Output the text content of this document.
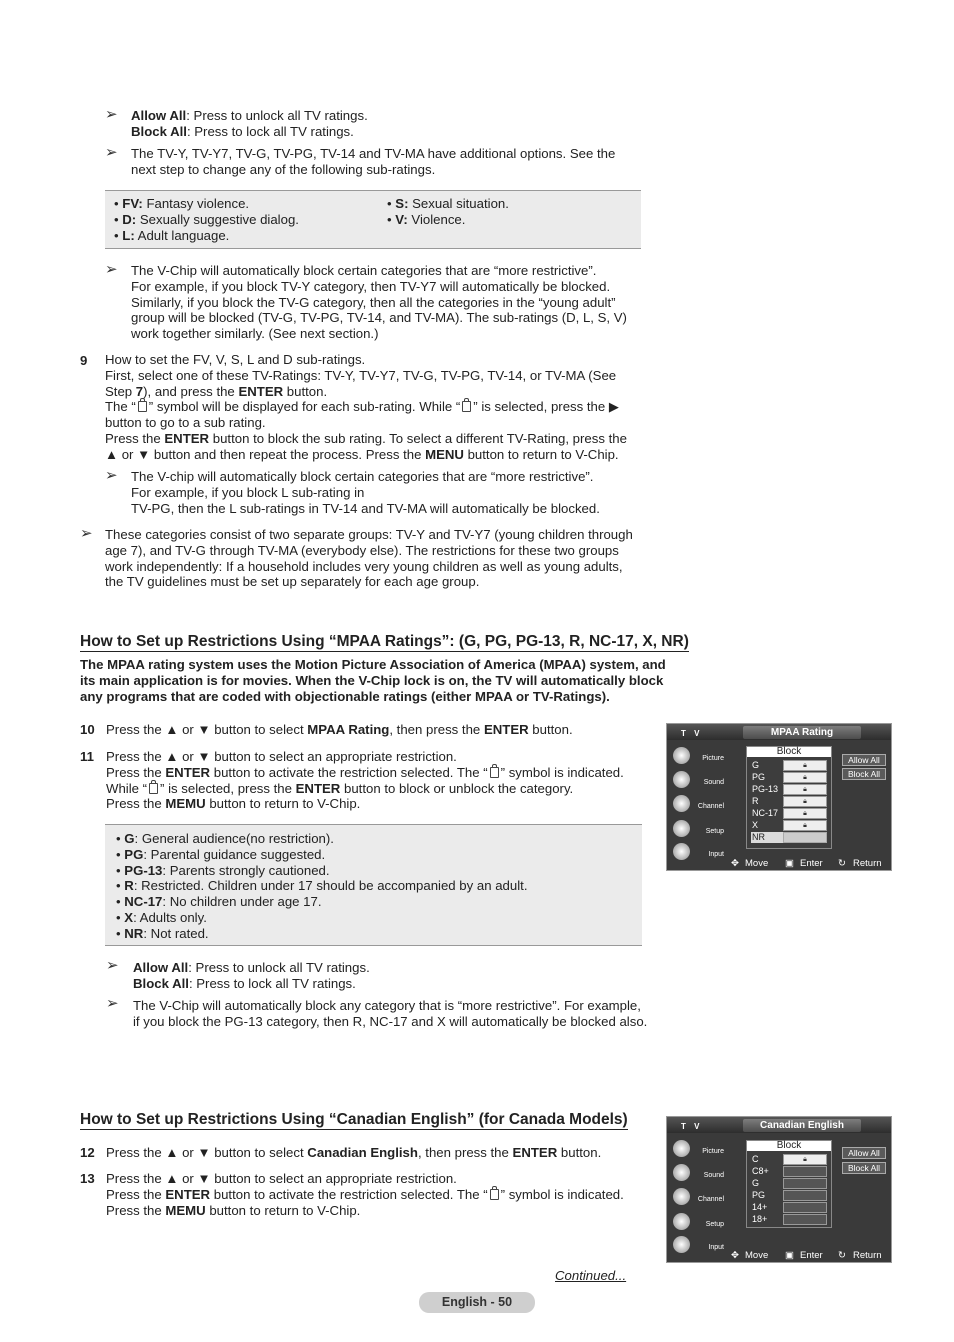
➢ Allow All: Press to unlock all TV ratings.
Block All: Press to lock all TV ratings.
➢ The TV-Y, TV-Y7, TV-G, TV-PG, TV-14 and TV-MA have additional options. See the
next step to change any of the following sub-ratings.
• FV: Fantasy violence.
• D: Sexually suggestive dialog.
• L: Adult language.
• S: Sexual situation.
• V: Violence.
➢ The V-Chip will automatically block certain categories that are “more restrictive”.
For example, if you block TV-Y category, then TV-Y7 will automatically be blocked.
Similarly, if you block the TV-G category, then all the categories in the “young adult”
group will be blocked (TV-G, TV-PG, TV-14, and TV-MA). The sub-ratings (D, L, S, V)
work together similarly. (See next section.)
9 How to set the FV, V, S, L and D sub-ratings.
First, select one of these TV-Ratings: TV-Y, TV-Y7, TV-G, TV-PG, TV-14, or TV-MA (See
Step 7), and press the ENTER button.
The “ ” symbol will be displayed for each sub-rating. While “ ” is selected, press the ▶
button to go to a sub rating.
Press the ENTER button to block the sub rating. To select a different TV-Rating, press the
▲ or ▼ button and then repeat the process. Press the MENU button to return to V-Chip.
➢ The V-chip will automatically block certain categories that are “more restrictive”.
For example, if you block L sub-rating in
TV-PG, then the L sub-ratings in TV-14 and TV-MA will automatically be blocked.
➢ These categories consist of two separate groups: TV-Y and TV-Y7 (young children through
age 7), and TV-G through TV-MA (everybody else). The restrictions for these two groups
work independently: If a household includes very young children as well as young adults,
the TV guidelines must be set up separately for each age group.
How to Set up Restrictions Using “MPAA Ratings”: (G, PG, PG-13, R, NC-17, X, NR)
The MPAA rating system uses the Motion Picture Association of America (MPAA) system, and
its main application is for movies. When the V-Chip lock is on, the TV will automatically block
any programs that are coded with objectionable ratings (either MPAA or TV-Ratings).
10 Press the ▲ or ▼ button to select MPAA Rating, then press the ENTER button.
11 Press the ▲ or ▼ button to select an appropriate restriction.
Press the ENTER button to activate the restriction selected. The “ ” symbol is indicated.
While “ ” is selected, press the ENTER button to block or unblock the category.
Press the MEMU button to return to V-Chip.
• G: General audience(no restriction).
• PG: Parental guidance suggested.
• PG-13: Parents strongly cautioned.
• R: Restricted. Children under 17 should be accompanied by an adult.
• NC-17: No children under age 17.
• X: Adults only.
• NR: Not rated.
➢ Allow All: Press to unlock all TV ratings.
Block All: Press to lock all TV ratings.
➢ The V-Chip will automatically block any category that is “more restrictive”. For example,
if you block the PG-13 category, then R, NC-17 and X will automatically be blocked also.
How to Set up Restrictions Using “Canadian English” (for Canada Models)
12 Press the ▲ or ▼ button to select Canadian English, then press the ENTER button.
13 Press the ▲ or ▼ button to select an appropriate restriction.
Press the ENTER button to activate the restriction selected. The “ ” symbol is indicated.
Press the MEMU button to return to V-Chip.
T V	MPAA Rating
Picture
Sound
Channel
Setup
Input
Block
G	🔒︎
PG	🔒︎
PG-13	🔒︎
R	🔒︎
NC-17	🔒︎
X	🔒︎
NR
Allow All
Block All
✥ Move ▣ Enter ↻ Return
T V	Canadian English
Picture
Sound
Channel
Setup
Input
Block
C	🔒︎
C8+
G
PG
14+
18+
Allow All
Block All
✥ Move ▣ Enter ↻ Return
Continued...
English - 50
